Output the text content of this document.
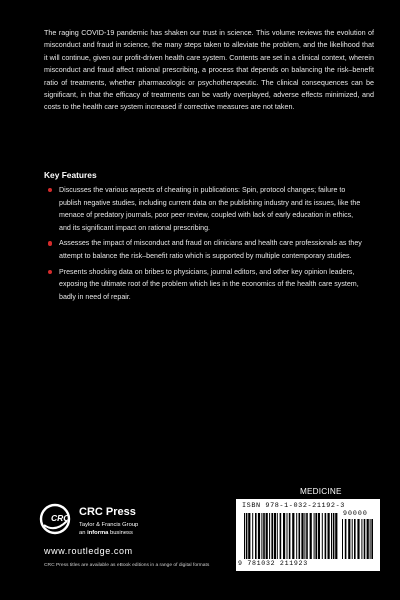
The raging COVID-19 pandemic has shaken our trust in science. This volume reviews the evolution of misconduct and fraud in science, the many steps taken to alleviate the problem, and the likelihood that it will continue, given our profit-driven health care system. Contents are set in a clinical context, wherein misconduct and fraud affect rational prescribing, a process that depends on balancing the risk–benefit ratio of treatments, whether pharmacologic or psychotherapeutic. The clinical consequences can be significant, in that the efficacy of treatments can be vastly overplayed, adverse effects minimized, and costs to the health care system increased if corrective measures are not taken.

Key Features
Discusses the various aspects of cheating in publications: Spin, protocol changes; failure to publish negative studies, including current data on the publishing industry and its issues, like the menace of predatory journals, poor peer review, coupled with lack of early education in ethics, and its significant impact on rational prescribing.
Assesses the impact of misconduct and fraud on clinicians and health care professionals as they attempt to balance the risk–benefit ratio which is supported by multiple contemporary studies.
Presents shocking data on bribes to physicians, journal editors, and other key opinion leaders, exposing the ultimate root of the problem which lies in the economics of the health care system, badly in need of repair.
MEDICINE
ISBN 978-1-032-21192-3
90000
9 781032 211923
CRC CRC Press
Taylor & Francis Group
an informa business
www.routledge.com
CRC Press titles are available as eBook editions in a range of digital formats
